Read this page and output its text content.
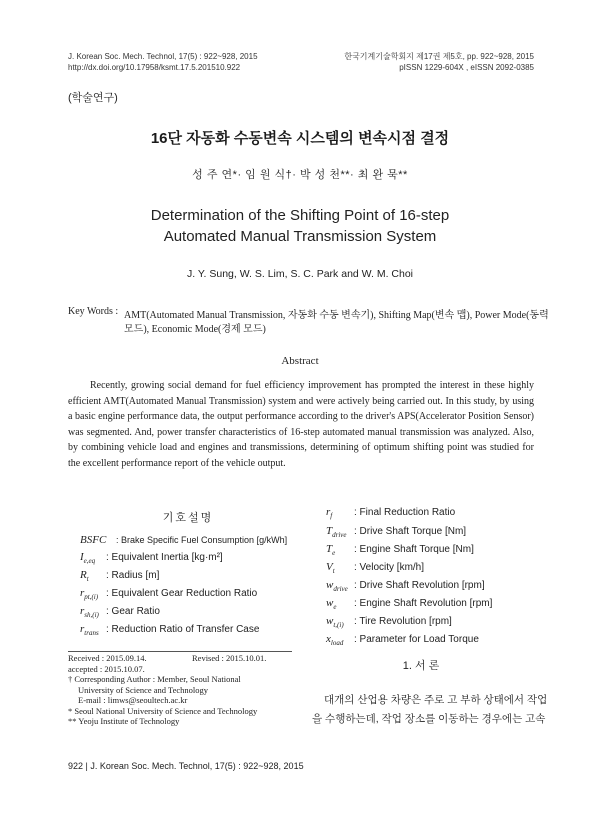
J. Korean Soc. Mech. Technol, 17(5) : 922~928, 2015
http://dx.doi.org/10.17958/ksmt.17.5.201510.922
한국기계기술학회지 제17권 제5호, pp. 922~928, 2015
pISSN 1229-604X , eISSN 2092-0385
(학술연구)
16단 자동화 수동변속 시스템의 변속시점 결정
성 주 연*· 임 원 식†· 박 성 천**· 최 완 묵**
Determination of the Shifting Point of 16-step
Automated Manual Transmission System
J. Y. Sung, W. S. Lim, S. C. Park and W. M. Choi
Key Words : AMT(Automated Manual Transmission, 자동화 수동 변속기), Shifting Map(변속 맵), Power Mode(동력
모드), Economic Mode(경제 모드)
Abstract
Recently, growing social demand for fuel efficiency improvement has prompted the interest in these highly efficient AMT(Automated Manual Transmission) system and were actively being carried out. In this study, by using a basic engine performance data, the output performance according to the driver's APS(Accelerator Position Sensor) was segmented. And, power transfer characteristics of 16-step automated manual transmission was analyzed. Also, by combining vehicle load and engines and transmissions, determining of optimum shifting point was studied for the excellent performance report of the vehicle output.
기호설명
BSFC : Brake Specific Fuel Consumption [g/kWh]
$I_{e,eq}$ : Equivalent Inertia [kg·m²]
$R_t$ : Radius [m]
$r_{pt,(i)}$ : Equivalent Gear Reduction Ratio
$r_{sh,(i)}$ : Gear Ratio
$r_{trans}$ : Reduction Ratio of Transfer Case
$r_f$ : Final Reduction Ratio
$T_{drive}$ : Drive Shaft Torque [Nm]
$T_e$ : Engine Shaft Torque [Nm]
$V_t$ : Velocity [km/h]
$w_{drive}$ : Drive Shaft Revolution [rpm]
$w_e$ : Engine Shaft Revolution [rpm]
$w_{t,(i)}$ : Tire Revolution [rpm]
$x_{load}$ : Parameter for Load Torque
Received : 2015.09.14.	Revised : 2015.10.01.
accepted : 2015.10.07.
† Corresponding Author : Member, Seoul National
University of Science and Technology
E-mail : limws@seoultech.ac.kr
* Seoul National University of Science and Technology
** Yeoju Institute of Technology
1. 서 론
대개의 산업용 차량은 주로 고 부하 상태에서 작업
을 수행하는데, 작업 장소를 이동하는 경우에는 고속
922 | J. Korean Soc. Mech. Technol, 17(5) : 922~928, 2015
